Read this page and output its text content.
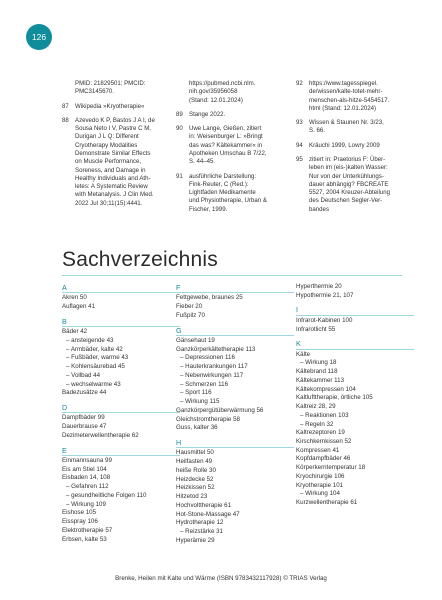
126
PMID: 21829501; PMCID:
PMC3145670.
87	Wikipedia »Kryotherapie«
88	Azevedo K P, Bastos J A I, de
Sousa Neto I V, Pastre C M,
Durigan J L Q: Different
Cryotherapy Modalities
Demonstrate Similar Effects
on Muscle Performance,
Soreness, and Damage in
Healthy Individuals and Ath-
letes: A Systematic Review
with Metanalysis. J Clin Med.
2022 Jul 30;11(15):4441.
https://pubmed.ncbi.nlm.
nih.gov/35956058
(Stand: 12.01.2024)
89	Stange 2022.
90	Uwe Lange, Gießen, zitiert
in: Weisenburger L: »Bringt
das was? Kältekammer« in
Apotheken Umschau B 7/22,
S. 44–45.
91	ausführliche Darstellung:
Fink-Reuter, C (Red.):
Lightfaden Medikamente
und Physiotherapie, Urban &
Fischer, 1999.
92	https://www.tagesspiegel.
de/wissen/kalte-totet-mehr-
menschen-als-hitze-5454517.
html (Stand: 12.01.2024)
93	Wissen & Staunen Nr. 3/23,
S. 66.
94	Kräuchi 1999, Lowry 2009
95	zitiert in: Praetorius F: Über-
leben im (eis-)kalten Wasser:
Nur von der Unterkühlungs-
dauer abhängig? FBCREATE
5527, 2004 Kreuzer-Abteilung
des Deutschen Segler-Ver-
bandes
Sachverzeichnis
A
Akren 50
Auflagen 41
B
Bäder 42
– ansteigende 43
– Armbäder, kalte 42
– Fußbäder, warme 43
– Kohlensäurebad 45
– Vollbad 44
– wechselwarme 43
Badezusätze 44
D
Dampfbäder 99
Dauerbrause 47
Dezimeterwellentherapie 62
E
Einmannsauna 99
Eis am Stiel 104
Eisbaden 14, 108
– Gefahren 112
– gesundheitliche Folgen 110
– Wirkung 109
Eishose 105
Eisspray 106
Elektrotherapie 57
Erbsen, kalte 53
F
Fettgewebe, braunes 25
Fieber 20
Fußpilz 70
G
Gänsehaut 19
Ganzkörperkältetherapie 113
– Depressionen 116
– Hauterkrankungen 117
– Nebenwirkungen 117
– Schmerzen 116
– Sport 116
– Wirkung 115
Ganzkörpergütüberwärmung 56
Gleichstromtherapie 58
Guss, kalter 36
H
Hausmittel 50
Heilfasten 49
heiße Rolle 30
Heizdecke 52
Heizkissen 52
Hitzetod 23
Hochvolttherapie 61
Hot-Stone-Massage 47
Hydrotherapie 12
– Reizstärke 31
Hyperämie 29
Hyperthermie 20
Hypothermie 21, 107
I
Infrarot-Kabinen 100
Infrarotlicht 55
K
Kälte
– Wirkung 18
Kältebrand 118
Kältekammer 113
Kältekompressen 104
Kaltlufttherapie, örtliche 105
Kaltreiz 28, 29
– Reaktionen 103
– Regeln 32
Kaltrezeptoren 19
Kirschkernkissen 52
Kompressen 41
Kopfdampfbäder 46
Körperkerntemperatur 18
Kryochirurgie 106
Kryotherapie 101
– Wirkung 104
Kurzwellentherapie 61
Brenke, Heilen mit Kalte und Wärme (ISBN 9783432117928) © TRIAS Verlag
